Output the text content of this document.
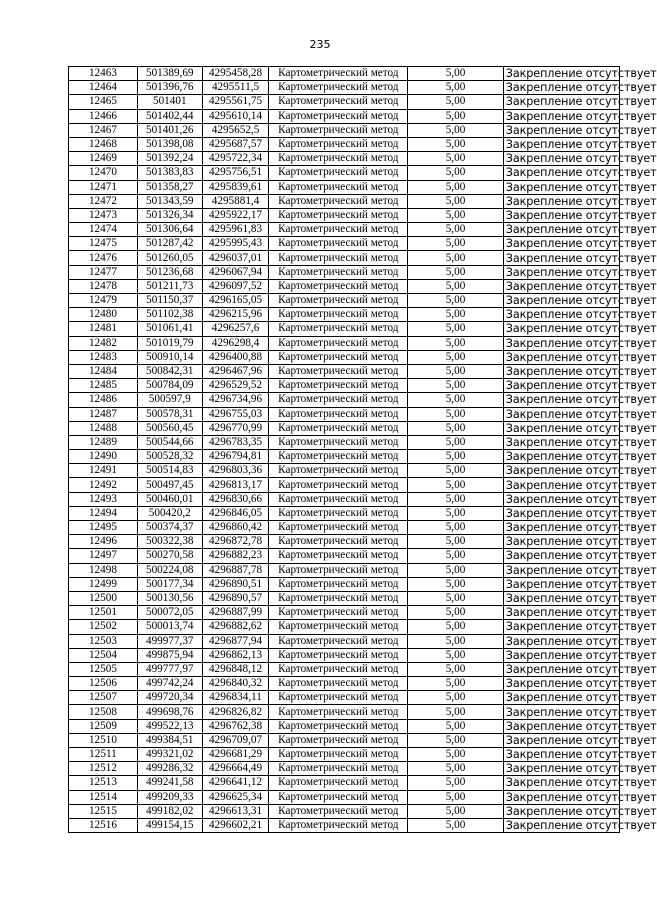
235
12463	501389,69	4295458,28	Картометрический метод	5,00	Закрепление отсутствует
12464	501396,76	4295511,5	Картометрический метод	5,00	Закрепление отсутствует
12465	501401	4295561,75	Картометрический метод	5,00	Закрепление отсутствует
12466	501402,44	4295610,14	Картометрический метод	5,00	Закрепление отсутствует
12467	501401,26	4295652,5	Картометрический метод	5,00	Закрепление отсутствует
12468	501398,08	4295687,57	Картометрический метод	5,00	Закрепление отсутствует
12469	501392,24	4295722,34	Картометрический метод	5,00	Закрепление отсутствует
12470	501383,83	4295756,51	Картометрический метод	5,00	Закрепление отсутствует
12471	501358,27	4295839,61	Картометрический метод	5,00	Закрепление отсутствует
12472	501343,59	4295881,4	Картометрический метод	5,00	Закрепление отсутствует
12473	501326,34	4295922,17	Картометрический метод	5,00	Закрепление отсутствует
12474	501306,64	4295961,83	Картометрический метод	5,00	Закрепление отсутствует
12475	501287,42	4295995,43	Картометрический метод	5,00	Закрепление отсутствует
12476	501260,05	4296037,01	Картометрический метод	5,00	Закрепление отсутствует
12477	501236,68	4296067,94	Картометрический метод	5,00	Закрепление отсутствует
12478	501211,73	4296097,52	Картометрический метод	5,00	Закрепление отсутствует
12479	501150,37	4296165,05	Картометрический метод	5,00	Закрепление отсутствует
12480	501102,38	4296215,96	Картометрический метод	5,00	Закрепление отсутствует
12481	501061,41	4296257,6	Картометрический метод	5,00	Закрепление отсутствует
12482	501019,79	4296298,4	Картометрический метод	5,00	Закрепление отсутствует
12483	500910,14	4296400,88	Картометрический метод	5,00	Закрепление отсутствует
12484	500842,31	4296467,96	Картометрический метод	5,00	Закрепление отсутствует
12485	500784,09	4296529,52	Картометрический метод	5,00	Закрепление отсутствует
12486	500597,9	4296734,96	Картометрический метод	5,00	Закрепление отсутствует
12487	500578,31	4296755,03	Картометрический метод	5,00	Закрепление отсутствует
12488	500560,45	4296770,99	Картометрический метод	5,00	Закрепление отсутствует
12489	500544,66	4296783,35	Картометрический метод	5,00	Закрепление отсутствует
12490	500528,32	4296794,81	Картометрический метод	5,00	Закрепление отсутствует
12491	500514,83	4296803,36	Картометрический метод	5,00	Закрепление отсутствует
12492	500497,45	4296813,17	Картометрический метод	5,00	Закрепление отсутствует
12493	500460,01	4296830,66	Картометрический метод	5,00	Закрепление отсутствует
12494	500420,2	4296846,05	Картометрический метод	5,00	Закрепление отсутствует
12495	500374,37	4296860,42	Картометрический метод	5,00	Закрепление отсутствует
12496	500322,38	4296872,78	Картометрический метод	5,00	Закрепление отсутствует
12497	500270,58	4296882,23	Картометрический метод	5,00	Закрепление отсутствует
12498	500224,08	4296887,78	Картометрический метод	5,00	Закрепление отсутствует
12499	500177,34	4296890,51	Картометрический метод	5,00	Закрепление отсутствует
12500	500130,56	4296890,57	Картометрический метод	5,00	Закрепление отсутствует
12501	500072,05	4296887,99	Картометрический метод	5,00	Закрепление отсутствует
12502	500013,74	4296882,62	Картометрический метод	5,00	Закрепление отсутствует
12503	499977,37	4296877,94	Картометрический метод	5,00	Закрепление отсутствует
12504	499875,94	4296862,13	Картометрический метод	5,00	Закрепление отсутствует
12505	499777,97	4296848,12	Картометрический метод	5,00	Закрепление отсутствует
12506	499742,24	4296840,32	Картометрический метод	5,00	Закрепление отсутствует
12507	499720,34	4296834,11	Картометрический метод	5,00	Закрепление отсутствует
12508	499698,76	4296826,82	Картометрический метод	5,00	Закрепление отсутствует
12509	499522,13	4296762,38	Картометрический метод	5,00	Закрепление отсутствует
12510	499384,51	4296709,07	Картометрический метод	5,00	Закрепление отсутствует
12511	499321,02	4296681,29	Картометрический метод	5,00	Закрепление отсутствует
12512	499286,32	4296664,49	Картометрический метод	5,00	Закрепление отсутствует
12513	499241,58	4296641,12	Картометрический метод	5,00	Закрепление отсутствует
12514	499209,33	4296625,34	Картометрический метод	5,00	Закрепление отсутствует
12515	499182,02	4296613,31	Картометрический метод	5,00	Закрепление отсутствует
12516	499154,15	4296602,21	Картометрический метод	5,00	Закрепление отсутствует
